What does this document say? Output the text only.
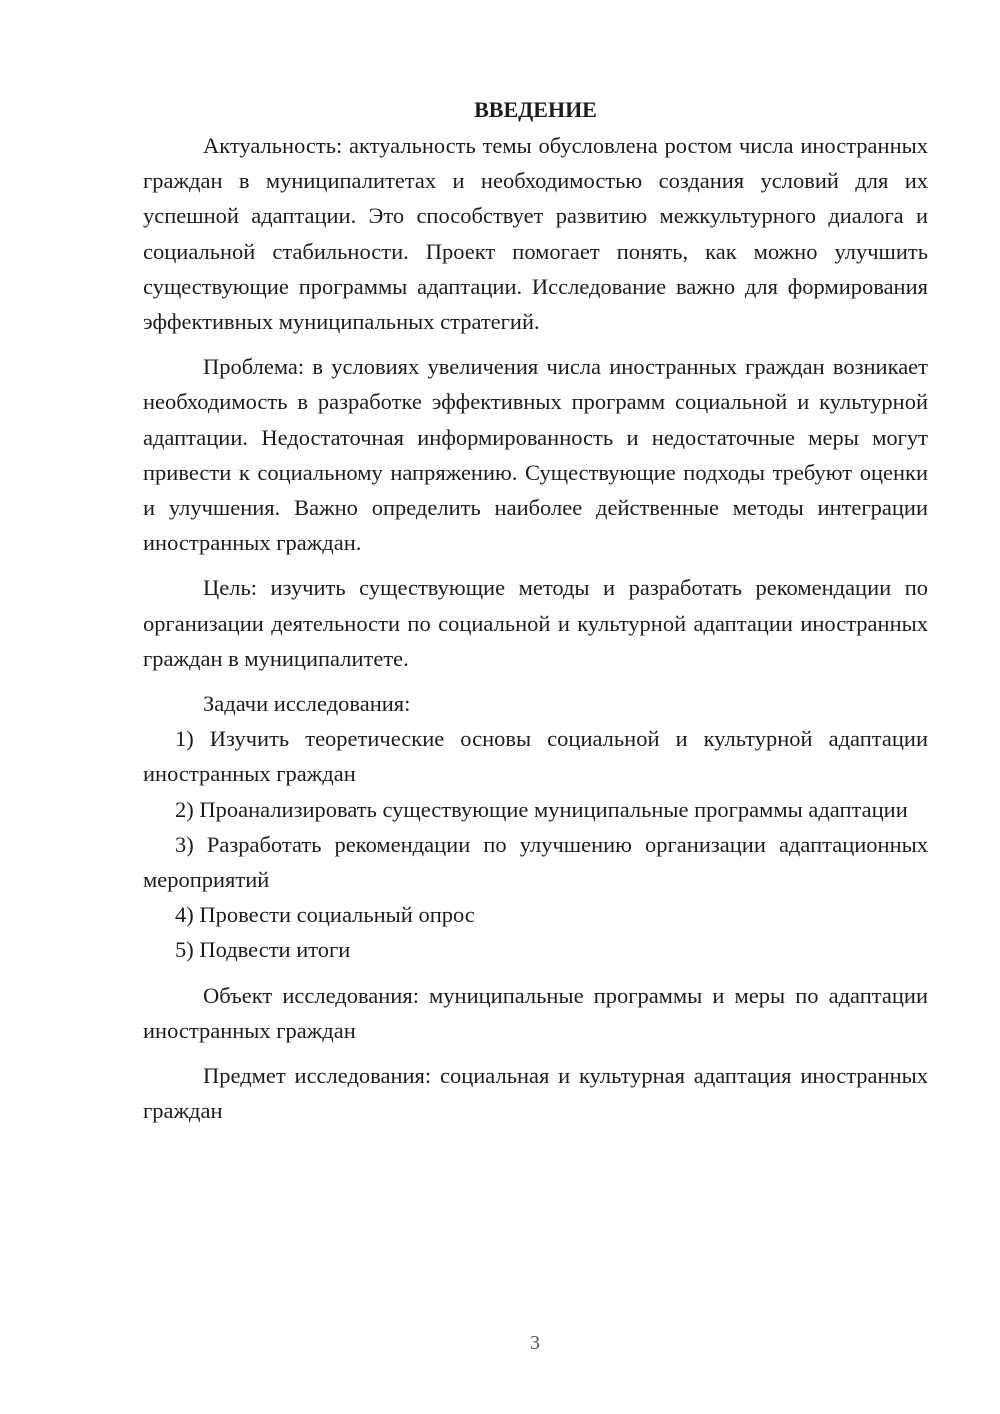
ВВЕДЕНИЕ

Актуальность: актуальность темы обусловлена ростом числа иностранных граждан в муниципалитетах и необходимостью создания условий для их успешной адаптации. Это способствует развитию межкультурного диалога и социальной стабильности. Проект помогает понять, как можно улучшить существующие программы адаптации. Исследование важно для формирования эффективных муниципальных стратегий.

Проблема: в условиях увеличения числа иностранных граждан возникает необходимость в разработке эффективных программ социальной и культурной адаптации. Недостаточная информированность и недостаточные меры могут привести к социальному напряжению. Существующие подходы требуют оценки и улучшения. Важно определить наиболее действенные методы интеграции иностранных граждан.

Цель: изучить существующие методы и разработать рекомендации по организации деятельности по социальной и культурной адаптации иностранных граждан в муниципалитете.

Задачи исследования:

1) Изучить теоретические основы социальной и культурной адаптации иностранных граждан

2) Проанализировать существующие муниципальные программы адаптации

3) Разработать рекомендации по улучшению организации адаптационных мероприятий

4) Провести социальный опрос

5) Подвести итоги

Объект исследования: муниципальные программы и меры по адаптации иностранных граждан

Предмет исследования: социальная и культурная адаптация иностранных граждан

3
